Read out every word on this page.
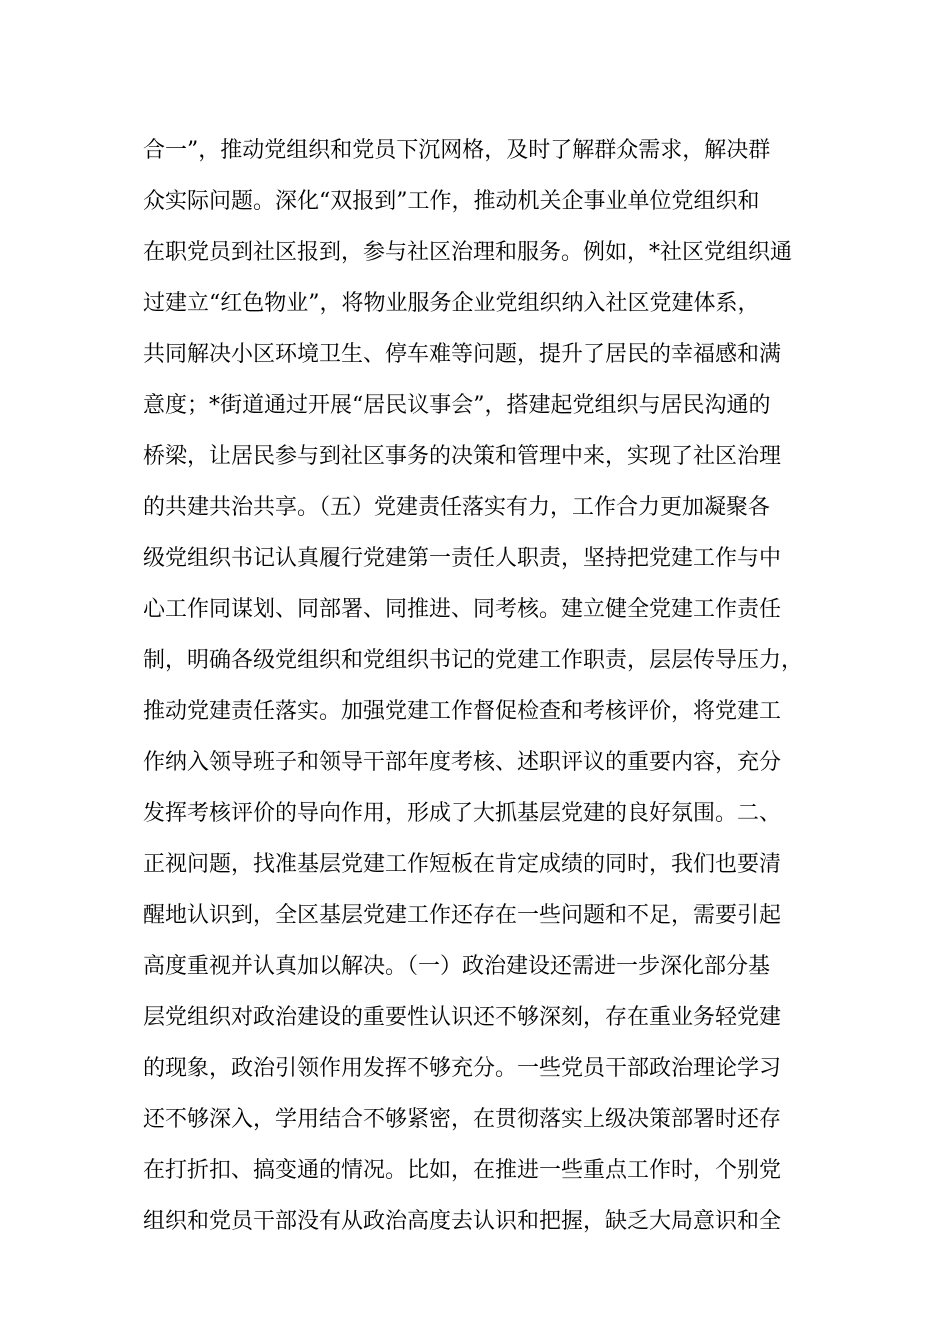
合一”，推动党组织和党员下沉网格，及时了解群众需求，解决群
众实际问题。深化“双报到”工作，推动机关企事业单位党组织和
在职党员到社区报到，参与社区治理和服务。例如，*社区党组织通
过建立“红色物业”，将物业服务企业党组织纳入社区党建体系，
共同解决小区环境卫生、停车难等问题，提升了居民的幸福感和满
意度；*街道通过开展“居民议事会”，搭建起党组织与居民沟通的
桥梁，让居民参与到社区事务的决策和管理中来，实现了社区治理
的共建共治共享。（五）党建责任落实有力，工作合力更加凝聚各
级党组织书记认真履行党建第一责任人职责，坚持把党建工作与中
心工作同谋划、同部署、同推进、同考核。建立健全党建工作责任
制，明确各级党组织和党组织书记的党建工作职责，层层传导压力，
推动党建责任落实。加强党建工作督促检查和考核评价，将党建工
作纳入领导班子和领导干部年度考核、述职评议的重要内容，充分
发挥考核评价的导向作用，形成了大抓基层党建的良好氛围。二、
正视问题，找准基层党建工作短板在肯定成绩的同时，我们也要清
醒地认识到，全区基层党建工作还存在一些问题和不足，需要引起
高度重视并认真加以解决。（一）政治建设还需进一步深化部分基
层党组织对政治建设的重要性认识还不够深刻，存在重业务轻党建
的现象，政治引领作用发挥不够充分。一些党员干部政治理论学习
还不够深入，学用结合不够紧密，在贯彻落实上级决策部署时还存
在打折扣、搞变通的情况。比如，在推进一些重点工作时，个别党
组织和党员干部没有从政治高度去认识和把握，缺乏大局意识和全
